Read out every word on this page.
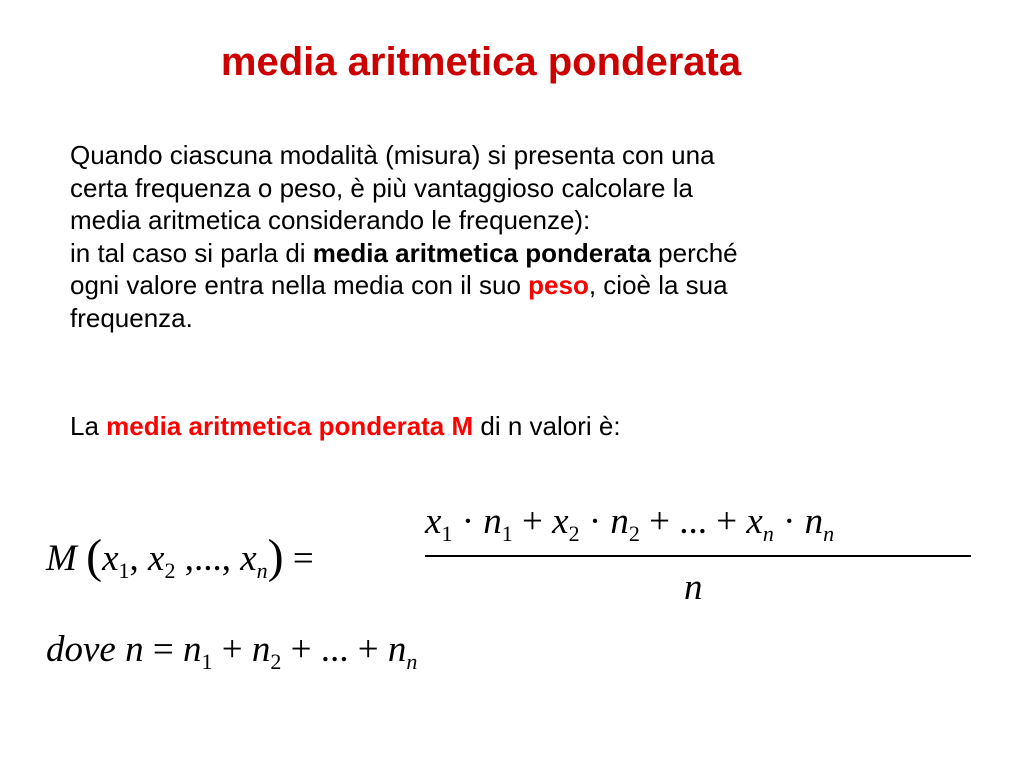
media aritmetica ponderata

Quando ciascuna modalità (misura) si presenta con una
certa frequenza o peso, è più vantaggioso calcolare la
media aritmetica considerando le frequenze):
in tal caso si parla di media aritmetica ponderata perché
ogni valore entra nella media con il suo peso, cioè la sua
frequenza.

La media aritmetica ponderata M di n valori è:

M ($x_1$, $x_2$ ,..., $x_n$) =
$x_1 \cdot n_1 + x_2 \cdot n_2$ + ... + $x_n \cdot n_n$
n
dove $n = n_1 + n_2$ + ... + $n_n$
